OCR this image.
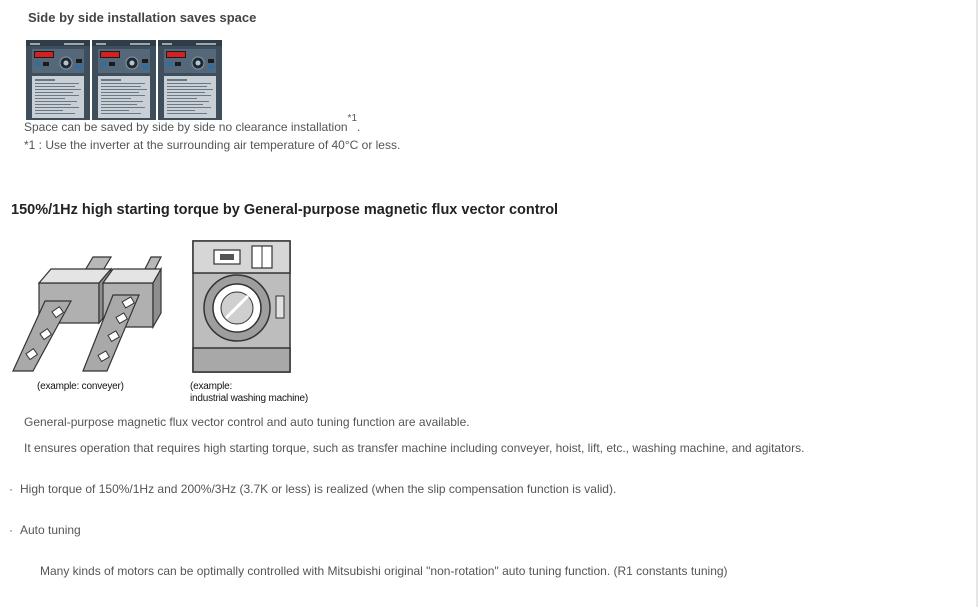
Side by side installation saves space
Space can be saved by side by side no clearance installation$^{*1}$.
*1 : Use the inverter at the surrounding air temperature of 40°C or less.
150%/1Hz high starting torque by General-purpose magnetic flux vector control
(example: conveyer)	(example:
industrial washing machine)
General-purpose magnetic flux vector control and auto tuning function are available.
It ensures operation that requires high starting torque, such as transfer machine including conveyer, hoist, lift, etc., washing machine, and agitators.
· High torque of 150%/1Hz and 200%/3Hz (3.7K or less) is realized (when the slip compensation function is valid).
· Auto tuning
Many kinds of motors can be optimally controlled with Mitsubishi original "non-rotation" auto tuning function. (R1 constants tuning)
